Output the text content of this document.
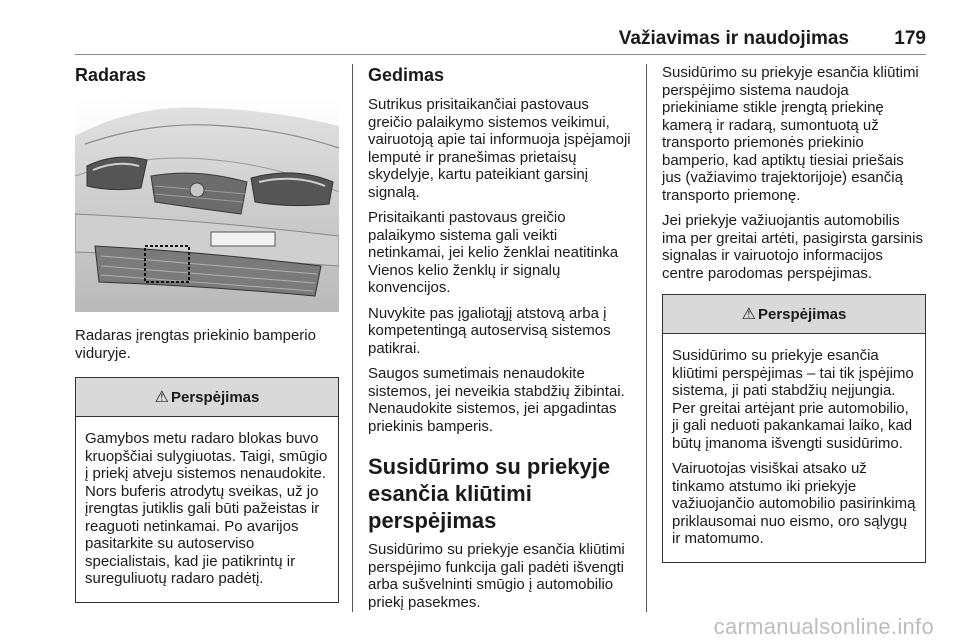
Važiavimas ir naudojimas 179
Radaras

Radaras įrengtas priekinio bamperio viduryje.

⚠ Perspėjimas

Gamybos metu radaro blokas buvo kruopščiai sulygiuotas. Taigi, smūgio į priekį atveju sistemos nenaudokite. Nors buferis atrodytų sveikas, už jo įrengtas jutiklis gali būti pažeistas ir reaguoti netinkamai. Po avarijos pasitarkite su autoserviso specialistais, kad jie patikrintų ir sureguliuotų radaro padėtį.

Gedimas

Sutrikus prisitaikančiai pastovaus greičio palaikymo sistemos veikimui, vairuotoją apie tai informuoja įspėjamoji lemputė ir pranešimas prietaisų skydelyje, kartu pateikiant garsinį signalą.

Prisitaikanti pastovaus greičio palaikymo sistema gali veikti netinkamai, jei kelio ženklai neatitinka Vienos kelio ženklų ir signalų konvencijos.

Nuvykite pas įgaliotąjį atstovą arba į kompetentingą autoservisą sistemos patikrai.

Saugos sumetimais nenaudokite sistemos, jei neveikia stabdžių žibintai. Nenaudokite sistemos, jei apgadintas priekinis bamperis.

Susidūrimo su priekyje esančia kliūtimi perspėjimas

Susidūrimo su priekyje esančia kliūtimi perspėjimo funkcija gali padėti išvengti arba sušvelninti smūgio į automobilio priekį pasekmes.

Susidūrimo su priekyje esančia kliūtimi perspėjimo sistema naudoja priekiniame stikle įrengtą priekinę kamerą ir radarą, sumontuotą už transporto priemonės priekinio bamperio, kad aptiktų tiesiai priešais jus (važiavimo trajektorijoje) esančią transporto priemonę.

Jei priekyje važiuojantis automobilis ima per greitai artėti, pasigirsta garsinis signalas ir vairuotojo informacijos centre parodomas perspėjimas.

⚠ Perspėjimas

Susidūrimo su priekyje esančia kliūtimi perspėjimas – tai tik įspėjimo sistema, ji pati stabdžių neįjungia. Per greitai artėjant prie automobilio, ji gali neduoti pakankamai laiko, kad būtų įmanoma išvengti susidūrimo.

Vairuotojas visiškai atsako už tinkamo atstumo iki priekyje važiuojančio automobilio pasirinkimą priklausomai nuo eismo, oro sąlygų ir matomumo.

carmanualsonline.info
